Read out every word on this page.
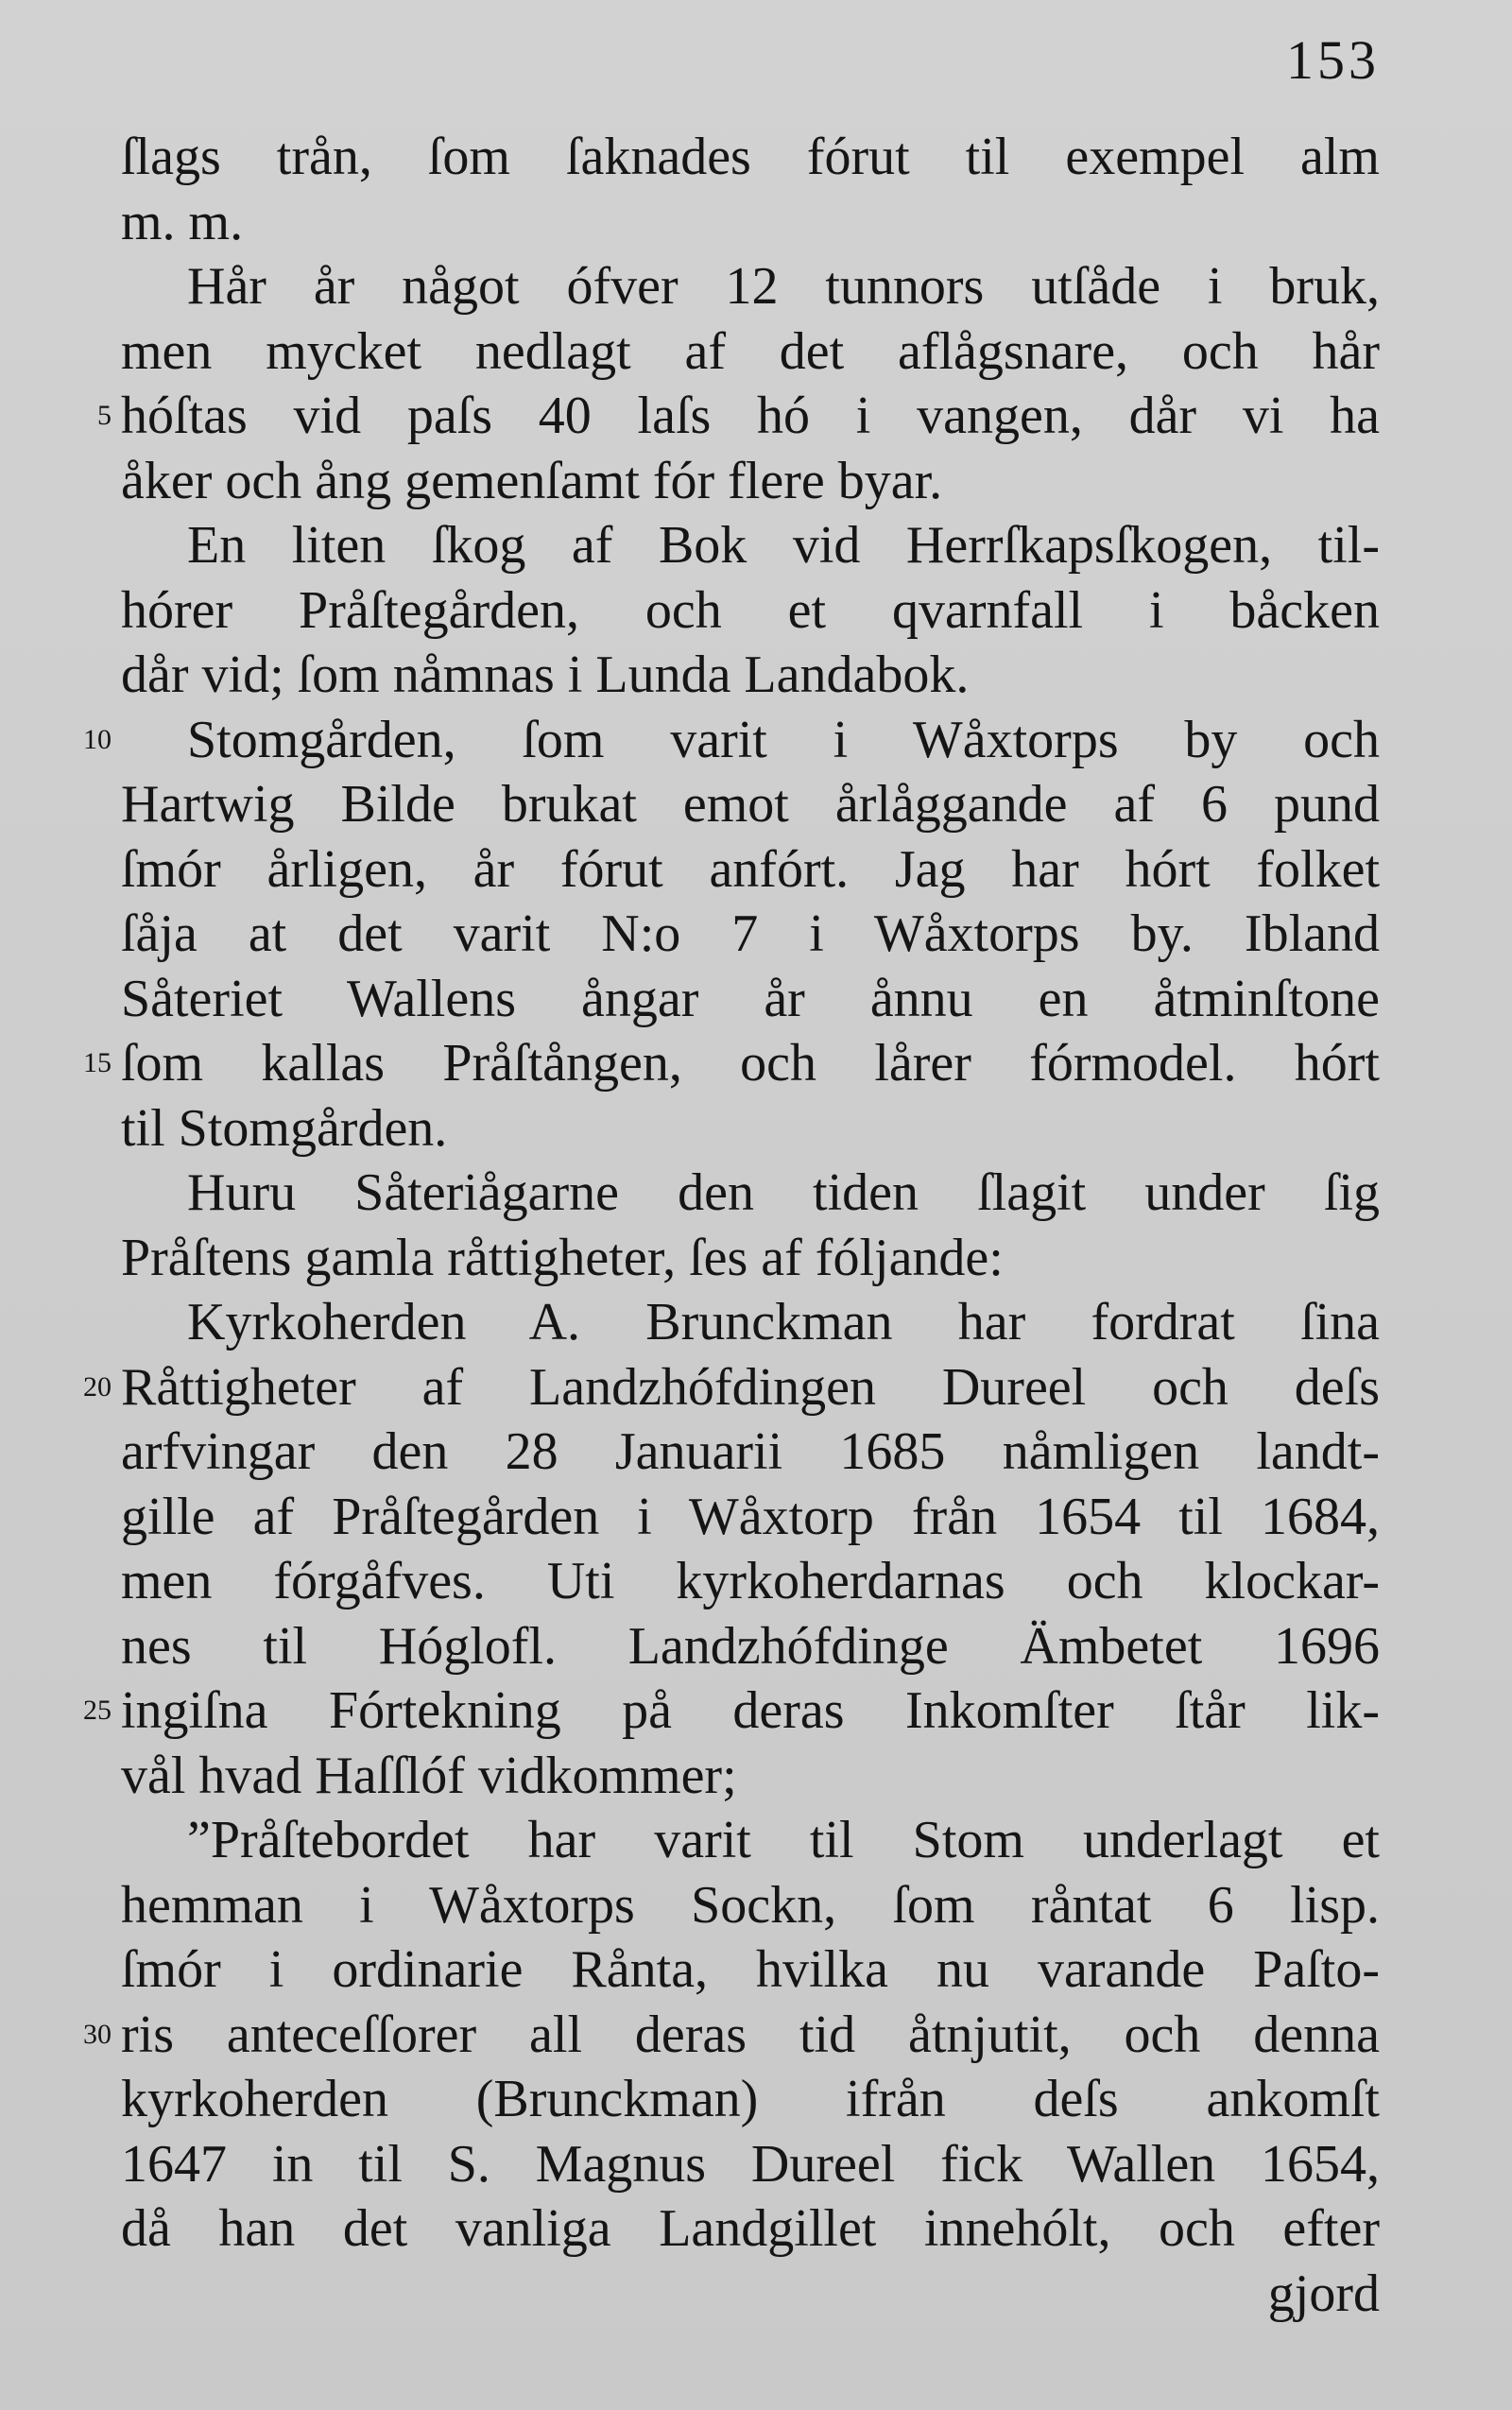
153
ſlags trån, ſom ſaknades fórut til exempel alm
m. m.
Hår år något ófver 12 tunnors utſåde i bruk,
men mycket nedlagt af det aflågsnare, och hår
5 hóſtas vid paſs 40 laſs hó i vangen, dår vi ha
åker och ång gemenſamt fór flere byar.
En liten ſkog af Bok vid Herrſkapsſkogen, til-
hórer Pråſtegården, och et qvarnfall i båcken
dår vid; ſom nåmnas i Lunda Landabok.
10 Stomgården, ſom varit i Wåxtorps by och
Hartwig Bilde brukat emot årlåggande af 6 pund
ſmór årligen, år fórut anfórt. Jag har hórt folket
ſåja at det varit N:o 7 i Wåxtorps by. Ibland
Såteriet Wallens ångar år ånnu en åtminſtone
15 ſom kallas Pråſtången, och lårer fórmodel. hórt
til Stomgården.
Huru Såteriågarne den tiden ſlagit under ſig
Pråſtens gamla råttigheter, ſes af fóljande:
Kyrkoherden A. Brunckman har fordrat ſina
20 Råttigheter af Landzhófdingen Dureel och deſs
arfvingar den 28 Januarii 1685 nåmligen landt-
gille af Pråſtegården i Wåxtorp från 1654 til 1684,
men fórgåfves. Uti kyrkoherdarnas och klockar-
nes til Hóglofl. Landzhófdinge Ämbetet 1696
25 ingiſna Fórtekning på deras Inkomſter ſtår lik-
vål hvad Haſſlóf vidkommer;
”Pråſtebordet har varit til Stom underlagt et
hemman i Wåxtorps Sockn, ſom råntat 6 lisp.
ſmór i ordinarie Rånta, hvilka nu varande Paſto-
30 ris anteceſſorer all deras tid åtnjutit, och denna
kyrkoherden (Brunckman) ifrån deſs ankomſt
1647 in til S. Magnus Dureel fick Wallen 1654,
då han det vanliga Landgillet innehólt, och efter
gjord
